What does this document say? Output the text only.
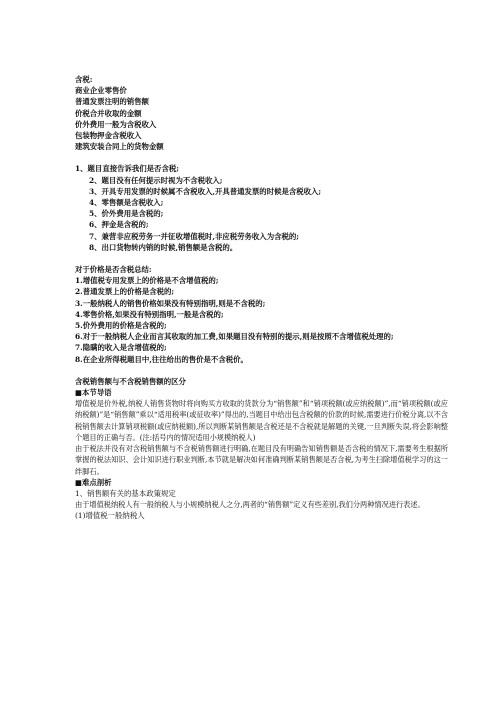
含税:
商业企业零售价
普通发票注明的销售额
价税合并收取的金额
价外费用一般为含税收入
包装物押金含税收入
建筑安装合同上的货物金额
1、题目直接告诉我们是否含税;
2、题目没有任何提示时视为不含税收入;
3、开具专用发票的时候属不含税收入,开具普通发票的时候是含税收入;
4、零售额是含税收入;
5、价外费用是含税的;
6、押金是含税的;
7、兼营非应税劳务一并征收增值税时,非应税劳务收入为含税的;
8、出口货物转内销的时候,销售额是含税的。
对于价格是否含税总结:
1.增值税专用发票上的价格是不含增值税的;
2.普通发票上的价格是含税的;
3.一般纳税人的销售价格如果没有特别指明,则是不含税的;
4.零售价格,如果没有特别指明,一般是含税的;
5.价外费用的价格是含税的;
6.对于一般纳税人企业而言其收取的加工费,如果题目没有特别的提示,则是按照不含增值税处理的;
7.隐瞒的收入是含增值税的;
8.在企业所得税题目中,往往给出的售价是不含税价。
含税销售额与不含税销售额的区分
■本节导语
增值税是价外税,纳税人销售货物时将向购买方收取的货款分为“销售额”和“销项税额(或应纳税额)”,而“销项税额(或应纳税额)”是“销售额”乘以“适用税率(或征收率)”得出的,当题目中给出包含税额的价款的时候,需要进行价税分离,以不含税销售额去计算销项税额(或应纳税额),所以判断某销售额是含税还是不含税就是解题的关键,一旦判断失误,将会影响整个题目的正确与否。(注:括号内的情况适用小规模纳税人)
由于税法并没有对含税销售额与不含税销售额进行明确,在题目没有明确告知销售额是否含税的情况下,需要考生根据所掌握的税法知识、会计知识进行职业判断,本节就是解决如何准确判断某销售额是否含税,为考生扫除增值税学习的这一绊脚石。
■难点剖析
1、销售额有关的基本政策规定
由于增值税纳税人有一般纳税人与小规模纳税人之分,两者的“销售额”定义有些差别,我们分两种情况进行表述。
(1)增值税一般纳税人
